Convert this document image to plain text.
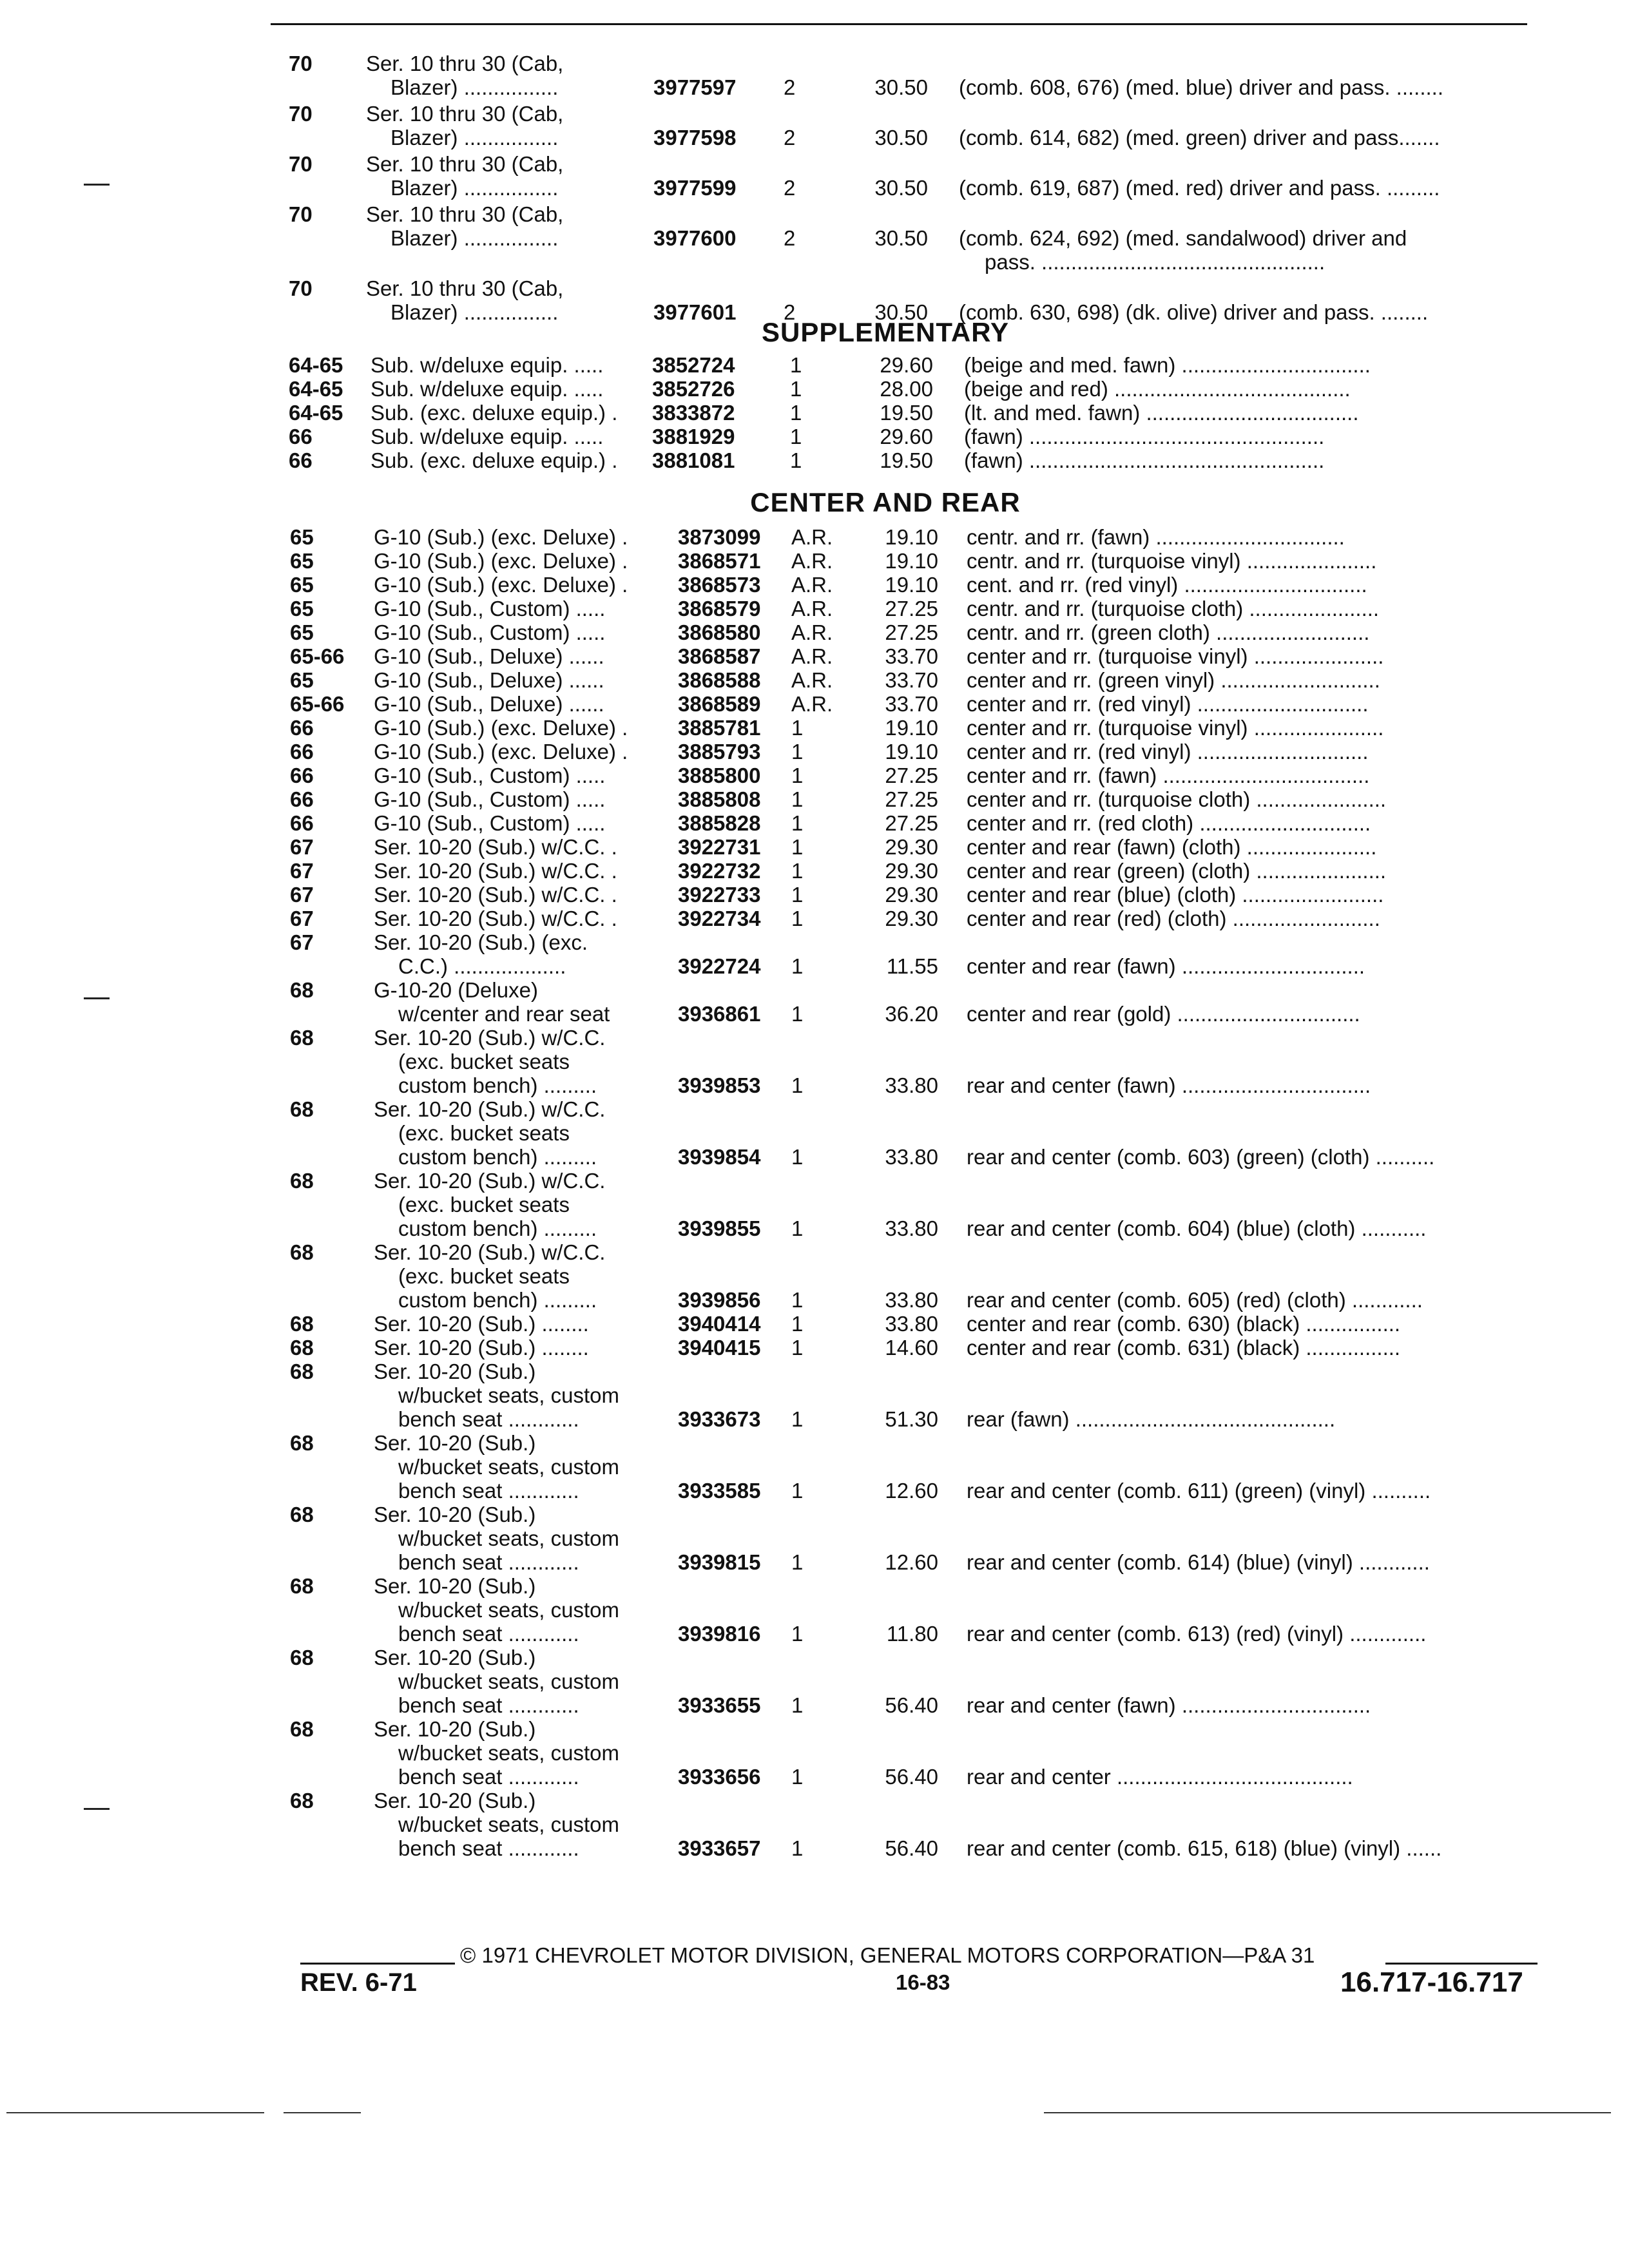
70	Ser. 10 thru 30 (Cab,
Blazer) ................	3977597 2	30.50 (comb. 608, 676) (med. blue) driver and pass. ........
70	Ser. 10 thru 30 (Cab,
Blazer) ................	3977598 2	30.50 (comb. 614, 682) (med. green) driver and pass.......
70	Ser. 10 thru 30 (Cab,
Blazer) ................	3977599 2	30.50 (comb. 619, 687) (med. red) driver and pass. .........
70	Ser. 10 thru 30 (Cab,
Blazer) ................	3977600 2	30.50 (comb. 624, 692) (med. sandalwood) driver and
pass. ................................................
70	Ser. 10 thru 30 (Cab,
Blazer) ................	3977601 2	30.50 (comb. 630, 698) (dk. olive) driver and pass. ........
SUPPLEMENTARY
64-65 Sub. w/deluxe equip. ..... 3852724	1	29.60 (beige and med. fawn) ................................
64-65 Sub. w/deluxe equip. ..... 3852726	1	28.00 (beige and red) ........................................
64-65 Sub. (exc. deluxe equip.) . 3833872	1	19.50 (lt. and med. fawn) ....................................
66	Sub. w/deluxe equip. ..... 3881929	1	29.60 (fawn) ..................................................
66	Sub. (exc. deluxe equip.) . 3881081	1	19.50 (fawn) ..................................................
CENTER AND REAR
65	G-10 (Sub.) (exc. Deluxe) . 3873099 A.R.	19.10 centr. and rr. (fawn) ................................
65	G-10 (Sub.) (exc. Deluxe) . 3868571 A.R.	19.10 centr. and rr. (turquoise vinyl) ......................
65	G-10 (Sub.) (exc. Deluxe) . 3868573 A.R.	19.10 cent. and rr. (red vinyl) ...............................
65	G-10 (Sub., Custom) .....	3868579 A.R.	27.25 centr. and rr. (turquoise cloth) ......................
65	G-10 (Sub., Custom) .....	3868580 A.R.	27.25 centr. and rr. (green cloth) ..........................
65-66 G-10 (Sub., Deluxe) ......	3868587 A.R.	33.70 center and rr. (turquoise vinyl) ......................
65	G-10 (Sub., Deluxe) ......	3868588 A.R.	33.70 center and rr. (green vinyl) ...........................
65-66 G-10 (Sub., Deluxe) ......	3868589 A.R.	33.70 center and rr. (red vinyl) .............................
66	G-10 (Sub.) (exc. Deluxe) . 3885781 1	19.10 center and rr. (turquoise vinyl) ......................
66	G-10 (Sub.) (exc. Deluxe) . 3885793 1	19.10 center and rr. (red vinyl) .............................
66	G-10 (Sub., Custom) .....	3885800 1	27.25 center and rr. (fawn) ...................................
66	G-10 (Sub., Custom) .....	3885808 1	27.25 center and rr. (turquoise cloth) ......................
66	G-10 (Sub., Custom) .....	3885828 1	27.25 center and rr. (red cloth) .............................
67	Ser. 10-20 (Sub.) w/C.C. .	3922731 1	29.30 center and rear (fawn) (cloth) ......................
67	Ser. 10-20 (Sub.) w/C.C. .	3922732 1	29.30 center and rear (green) (cloth) ......................
67	Ser. 10-20 (Sub.) w/C.C. .	3922733 1	29.30 center and rear (blue) (cloth) ........................
67	Ser. 10-20 (Sub.) w/C.C. .	3922734 1	29.30 center and rear (red) (cloth) .........................
67	Ser. 10-20 (Sub.) (exc.
C.C.) ...................	3922724 1	11.55 center and rear (fawn) ...............................
68	G-10-20 (Deluxe)
w/center and rear seat	3936861 1	36.20 center and rear (gold) ...............................
68	Ser. 10-20 (Sub.) w/C.C.
(exc. bucket seats
custom bench) .........	3939853 1	33.80 rear and center (fawn) ................................
68	Ser. 10-20 (Sub.) w/C.C.
(exc. bucket seats
custom bench) .........	3939854 1	33.80 rear and center (comb. 603) (green) (cloth) ..........
68	Ser. 10-20 (Sub.) w/C.C.
(exc. bucket seats
custom bench) .........	3939855 1	33.80 rear and center (comb. 604) (blue) (cloth) ...........
68	Ser. 10-20 (Sub.) w/C.C.
(exc. bucket seats
custom bench) .........	3939856 1	33.80 rear and center (comb. 605) (red) (cloth) ............
68	Ser. 10-20 (Sub.) ........	3940414 1	33.80 center and rear (comb. 630) (black) ................
68	Ser. 10-20 (Sub.) ........	3940415 1	14.60 center and rear (comb. 631) (black) ................
68	Ser. 10-20 (Sub.)
w/bucket seats, custom
bench seat ............	3933673 1	51.30 rear (fawn) ............................................
68	Ser. 10-20 (Sub.)
w/bucket seats, custom
bench seat ............	3933585 1	12.60 rear and center (comb. 611) (green) (vinyl) ..........
68	Ser. 10-20 (Sub.)
w/bucket seats, custom
bench seat ............	3939815 1	12.60 rear and center (comb. 614) (blue) (vinyl) ............
68	Ser. 10-20 (Sub.)
w/bucket seats, custom
bench seat ............	3939816 1	11.80 rear and center (comb. 613) (red) (vinyl) .............
68	Ser. 10-20 (Sub.)
w/bucket seats, custom
bench seat ............	3933655 1	56.40 rear and center (fawn) ................................
68	Ser. 10-20 (Sub.)
w/bucket seats, custom
bench seat ............	3933656 1	56.40 rear and center ........................................
68	Ser. 10-20 (Sub.)
w/bucket seats, custom
bench seat ............	3933657 1	56.40 rear and center (comb. 615, 618) (blue) (vinyl) ......
© 1971 CHEVROLET MOTOR DIVISION, GENERAL MOTORS CORPORATION—P&A 31
REV. 6-71	16-83	16.717-16.717
